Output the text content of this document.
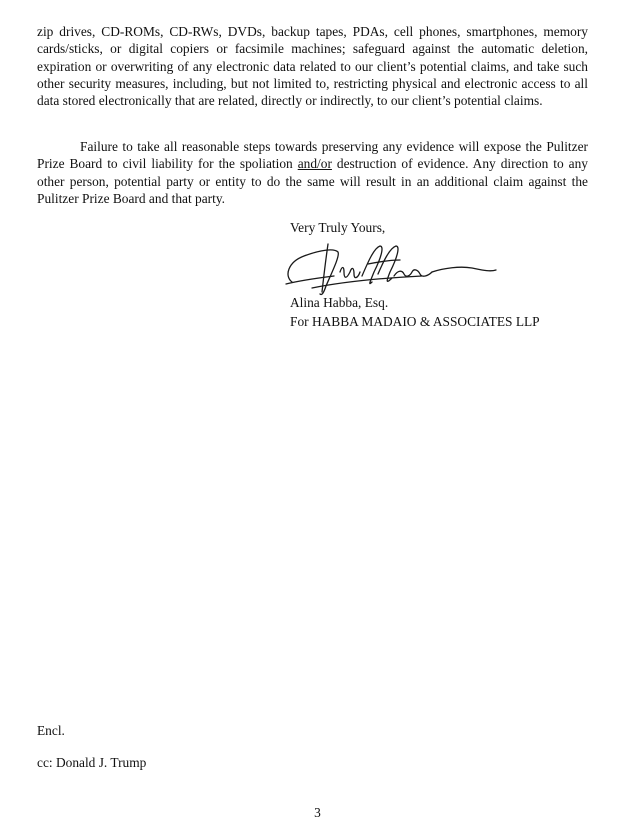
zip drives, CD-ROMs, CD-RWs, DVDs, backup tapes, PDAs, cell phones, smartphones, memory cards/sticks, or digital copiers or facsimile machines; safeguard against the automatic deletion, expiration or overwriting of any electronic data related to our client’s potential claims, and take such other security measures, including, but not limited to, restricting physical and electronic access to all data stored electronically that are related, directly or indirectly, to our client’s potential claims.

Failure to take all reasonable steps towards preserving any evidence will expose the Pulitzer Prize Board to civil liability for the spoliation and/or destruction of evidence. Any direction to any other person, potential party or entity to do the same will result in an additional claim against the Pulitzer Prize Board and that party.

Very Truly Yours,
Alina Habba, Esq.
For HABBA MADAIO & ASSOCIATES LLP
Encl.
cc: Donald J. Trump
3
